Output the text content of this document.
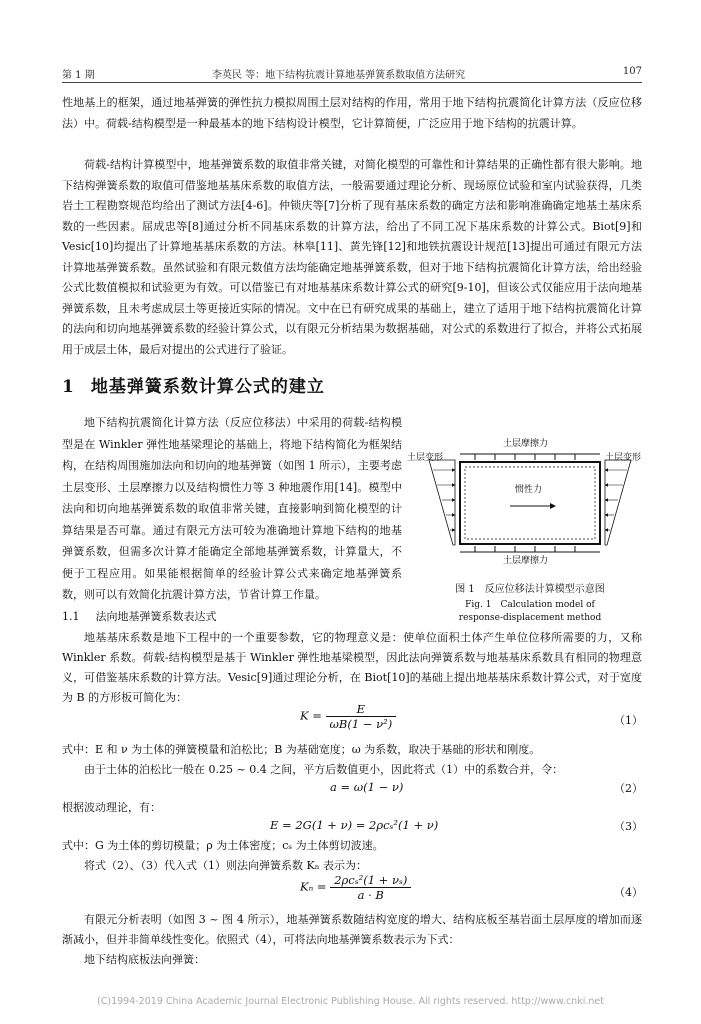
第 1 期	李英民 等：地下结构抗震计算地基弹簧系数取值方法研究	107
性地基上的框架，通过地基弹簧的弹性抗力模拟周围土层对结构的作用，常用于地下结构抗震简化计算方法（反应位移法）中。荷载-结构模型是一种最基本的地下结构设计模型，它计算简便，广泛应用于地下结构的抗震计算。
荷载-结构计算模型中，地基弹簧系数的取值非常关键，对简化模型的可靠性和计算结果的正确性都有很大影响。地下结构弹簧系数的取值可借鉴地基基床系数的取值方法，一般需要通过理论分析、现场原位试验和室内试验获得，几类岩土工程勘察规范均给出了测试方法[4-6]。仲锁庆等[7]分析了现有基床系数的确定方法和影响准确确定地基土基床系数的一些因素。屈成忠等[8]通过分析不同基床系数的计算方法，给出了不同工况下基床系数的计算公式。Biot[9]和 Vesic[10]均提出了计算地基基床系数的方法。林皋[11]、黄先锋[12]和地铁抗震设计规范[13]提出可通过有限元方法计算地基弹簧系数。虽然试验和有限元数值方法均能确定地基弹簧系数，但对于地下结构抗震简化计算方法，给出经验公式比数值模拟和试验更为有效。可以借鉴已有对地基基床系数计算公式的研究[9-10]，但该公式仅能应用于法向地基弹簧系数，且未考虑成层土等更接近实际的情况。文中在已有研究成果的基础上，建立了适用于地下结构抗震简化计算的法向和切向地基弹簧系数的经验计算公式，以有限元分析结果为数据基础，对公式的系数进行了拟合，并将公式拓展用于成层土体，最后对提出的公式进行了验证。
1 地基弹簧系数计算公式的建立
地下结构抗震简化计算方法（反应位移法）中采用的荷载-结构模型是在 Winkler 弹性地基梁理论的基础上，将地下结构简化为框架结构，在结构周围施加法向和切向的地基弹簧（如图 1 所示），主要考虑土层变形、土层摩擦力以及结构惯性力等 3 种地震作用[14]。模型中法向和切向地基弹簧系数的取值非常关键，直接影响到简化模型的计算结果是否可靠。通过有限元方法可较为准确地计算地下结构的地基弹簧系数，但需多次计算才能确定全部地基弹簧系数，计算量大，不便于工程应用。如果能根据简单的经验计算公式来确定地基弹簧系数，则可以有效简化抗震计算方法，节省计算工作量。
土层摩擦力
土层变形	土层变形
惯性力
土层摩擦力
图 1　反应位移法计算模型示意图
Fig. 1　Calculation model of
response-displacement method
1.1 法向地基弹簧系数表达式
地基基床系数是地下工程中的一个重要参数，它的物理意义是：使单位面积土体产生单位位移所需要的力，又称 Winkler 系数。荷载-结构模型是基于 Winkler 弹性地基梁模型，因此法向弹簧系数与地基基床系数具有相同的物理意义，可借鉴基床系数的计算方法。Vesic[9]通过理论分析，在 Biot[10]的基础上提出地基基床系数计算公式，对于宽度为 B 的方形板可简化为：
$K = \frac{E}{\text{ωB(1 − ν²)}}$	（1）
式中：E 和 ν 为土体的弹簧模量和泊松比；B 为基础宽度；ω 为系数，取决于基础的形状和刚度。
由于土体的泊松比一般在 0.25 ~ 0.4 之间，平方后数值更小，因此将式（1）中的系数合并，令：
a = ω(1 − ν)	（2）
根据波动理论，有：
E = 2G(1 + ν) = 2ρcₛ²(1 + ν)	（3）
式中：G 为土体的剪切模量；ρ 为土体密度；cₛ 为土体剪切波速。
将式（2）、（3）代入式（1）则法向弹簧系数 Kₙ 表示为：
$K_n = \frac{\text{2ρcₛ²(1 + νₛ)}}{a \cdot B}$	（4）
有限元分析表明（如图 3 ~ 图 4 所示），地基弹簧系数随结构宽度的增大、结构底板至基岩面土层厚度的增加而逐渐减小，但并非简单线性变化。依照式（4），可将法向地基弹簧系数表示为下式：
地下结构底板法向弹簧：
(C)1994-2019 China Academic Journal Electronic Publishing House. All rights reserved. http://www.cnki.net
